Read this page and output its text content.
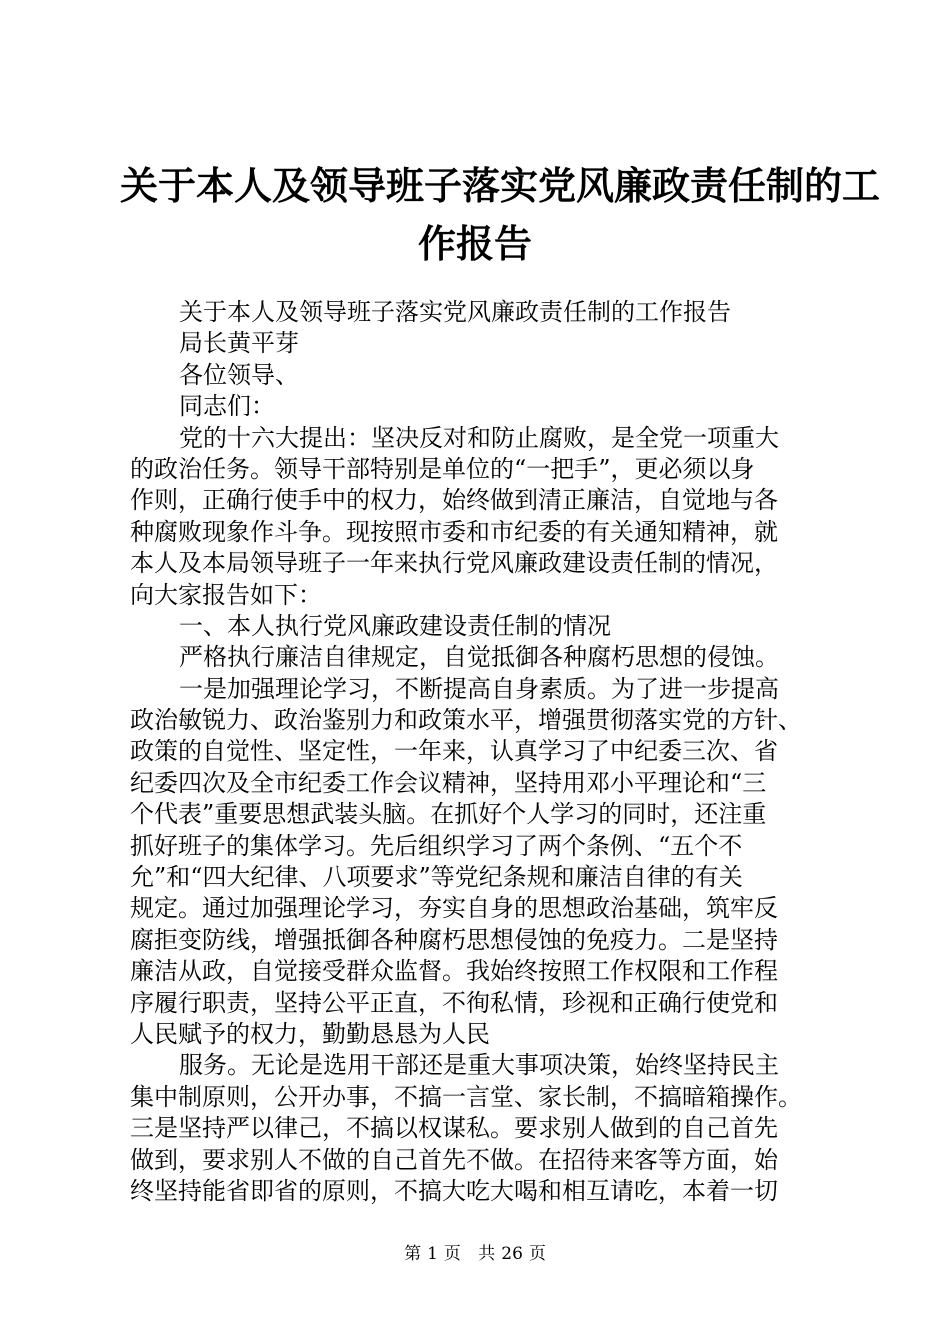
关于本人及领导班子落实党风廉政责任制的工
作报告
关于本人及领导班子落实党风廉政责任制的工作报告
局长黄平芽
各位领导、
同志们：
党的十六大提出：坚决反对和防止腐败，是全党一项重大
的政治任务。领导干部特别是单位的“一把手”，更必须以身
作则，正确行使手中的权力，始终做到清正廉洁，自觉地与各
种腐败现象作斗争。现按照市委和市纪委的有关通知精神，就
本人及本局领导班子一年来执行党风廉政建设责任制的情况，
向大家报告如下：
一、本人执行党风廉政建设责任制的情况
严格执行廉洁自律规定，自觉抵御各种腐朽思想的侵蚀。
一是加强理论学习，不断提高自身素质。为了进一步提高
政治敏锐力、政治鉴别力和政策水平，增强贯彻落实党的方针、
政策的自觉性、坚定性，一年来，认真学习了中纪委三次、省
纪委四次及全市纪委工作会议精神，坚持用邓小平理论和“三
个代表”重要思想武装头脑。在抓好个人学习的同时，还注重
抓好班子的集体学习。先后组织学习了两个条例、“五个不
允”和“四大纪律、八项要求”等党纪条规和廉洁自律的有关
规定。通过加强理论学习，夯实自身的思想政治基础，筑牢反
腐拒变防线，增强抵御各种腐朽思想侵蚀的免疫力。二是坚持
廉洁从政，自觉接受群众监督。我始终按照工作权限和工作程
序履行职责，坚持公平正直，不徇私情，珍视和正确行使党和
人民赋予的权力，勤勤恳恳为人民
服务。无论是选用干部还是重大事项决策，始终坚持民主
集中制原则，公开办事，不搞一言堂、家长制，不搞暗箱操作。
三是坚持严以律己，不搞以权谋私。要求别人做到的自己首先
做到，要求别人不做的自己首先不做。在招待来客等方面，始
终坚持能省即省的原则，不搞大吃大喝和相互请吃，本着一切
第 1 页 共 26 页
